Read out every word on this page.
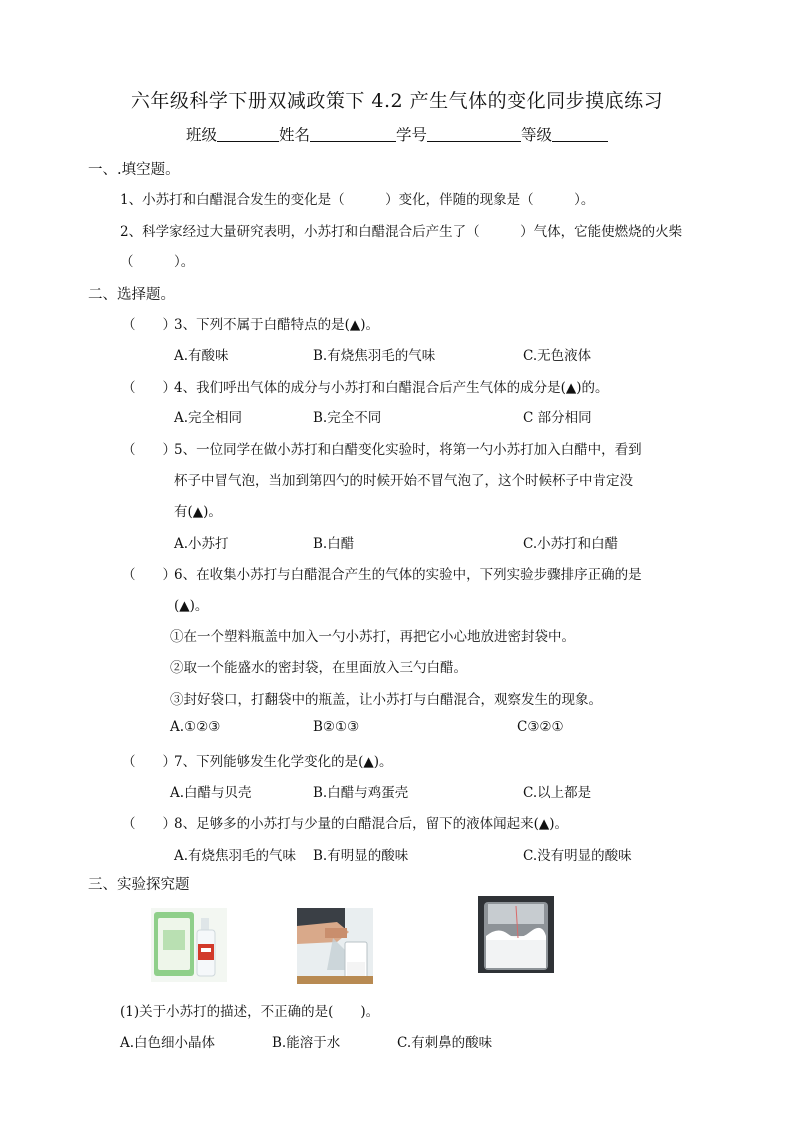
六年级科学下册双减政策下 4.2 产生气体的变化同步摸底练习
班级	姓名	学号	等级
一、.填空题。
1、小苏打和白醋混合发生的变化是（　　　）变化，伴随的现象是（　　　）。
2、科学家经过大量研究表明，小苏打和白醋混合后产生了（　　　）气体，它能使燃烧的火柴
（　　　）。
二、选择题。
（　　）
3、下列不属于白醋特点的是(▲)。
A.有酸味	B.有烧焦羽毛的气味	C.无色液体
（　　）
4、我们呼出气体的成分与小苏打和白醋混合后产生气体的成分是(▲)的。
A.完全相同	B.完全不同	C 部分相同
（　　）
5、一位同学在做小苏打和白醋变化实验时，将第一勺小苏打加入白醋中，看到
杯子中冒气泡，当加到第四勺的时候开始不冒气泡了，这个时候杯子中肯定没
有(▲)。
A.小苏打	B.白醋	C.小苏打和白醋
（　　）
6、在收集小苏打与白醋混合产生的气体的实验中，下列实验步骤排序正确的是
(▲)。
①在一个塑料瓶盖中加入一勺小苏打，再把它小心地放进密封袋中。
②取一个能盛水的密封袋，在里面放入三勺白醋。
③封好袋口，打翻袋中的瓶盖，让小苏打与白醋混合，观察发生的现象。
A.①②③	B②①③	C③②①
（　　）
7、下列能够发生化学变化的是(▲)。
A.白醋与贝壳	B.白醋与鸡蛋壳	C.以上都是
（　　）
8、足够多的小苏打与少量的白醋混合后，留下的液体闻起来(▲)。
A.有烧焦羽毛的气味 B.有明显的酸味	C.没有明显的酸味
三、实验探究题
(1)关于小苏打的描述，不正确的是(　　)。
A.白色细小晶体	B.能溶于水	C.有刺鼻的酸味
